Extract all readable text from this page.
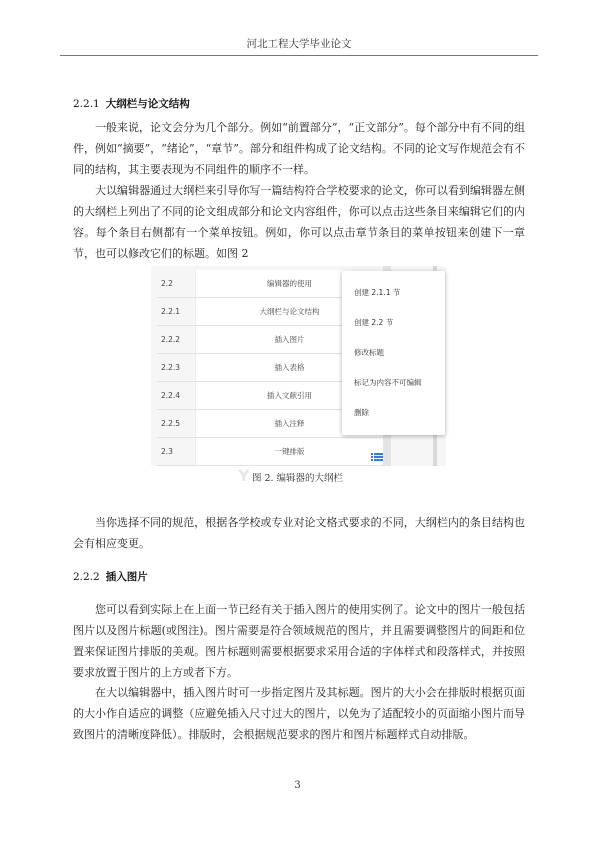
河北工程大学毕业论文
2.2.1 大纲栏与论文结构

一般来说，论文会分为几个部分。例如“前置部分”，“正文部分”。每个部分中有不同的组件，例如“摘要”，“绪论”，“章节”。部分和组件构成了论文结构。不同的论文写作规范会有不同的结构，其主要表现为不同组件的顺序不一样。

大以编辑器通过大纲栏来引导你写一篇结构符合学校要求的论文，你可以看到编辑器左侧的大纲栏上列出了不同的论文组成部分和论文内容组件，你可以点击这些条目来编辑它们的内容。每个条目右侧都有一个菜单按钮。例如，你可以点击章节条目的菜单按钮来创建下一章节，也可以修改它们的标题。如图 2

2.2	编辑器的使用
2.2.1	大纲栏与论文结构
2.2.2	插入图片
2.2.3	插入表格
2.2.4	插入文献引用
2.2.5	插入注释
2.3	一键排版
创建 2.1.1 节
创建 2.2 节
修改标题
标记为内容不可编辑
删除
Y 图 2. 编辑器的大纲栏

当你选择不同的规范，根据各学校或专业对论文格式要求的不同，大纲栏内的条目结构也会有相应变更。

2.2.2 插入图片

您可以看到实际上在上面一节已经有关于插入图片的使用实例了。论文中的图片一般包括图片以及图片标题(或图注)。图片需要是符合领域规范的图片，并且需要调整图片的间距和位置来保证图片排版的美观。图片标题则需要根据要求采用合适的字体样式和段落样式，并按照要求放置于图片的上方或者下方。

在大以编辑器中，插入图片时可一步指定图片及其标题。图片的大小会在排版时根据页面的大小作自适应的调整（应避免插入尺寸过大的图片，以免为了适配较小的页面缩小图片而导致图片的清晰度降低）。排版时，会根据规范要求的图片和图片标题样式自动排版。

3
